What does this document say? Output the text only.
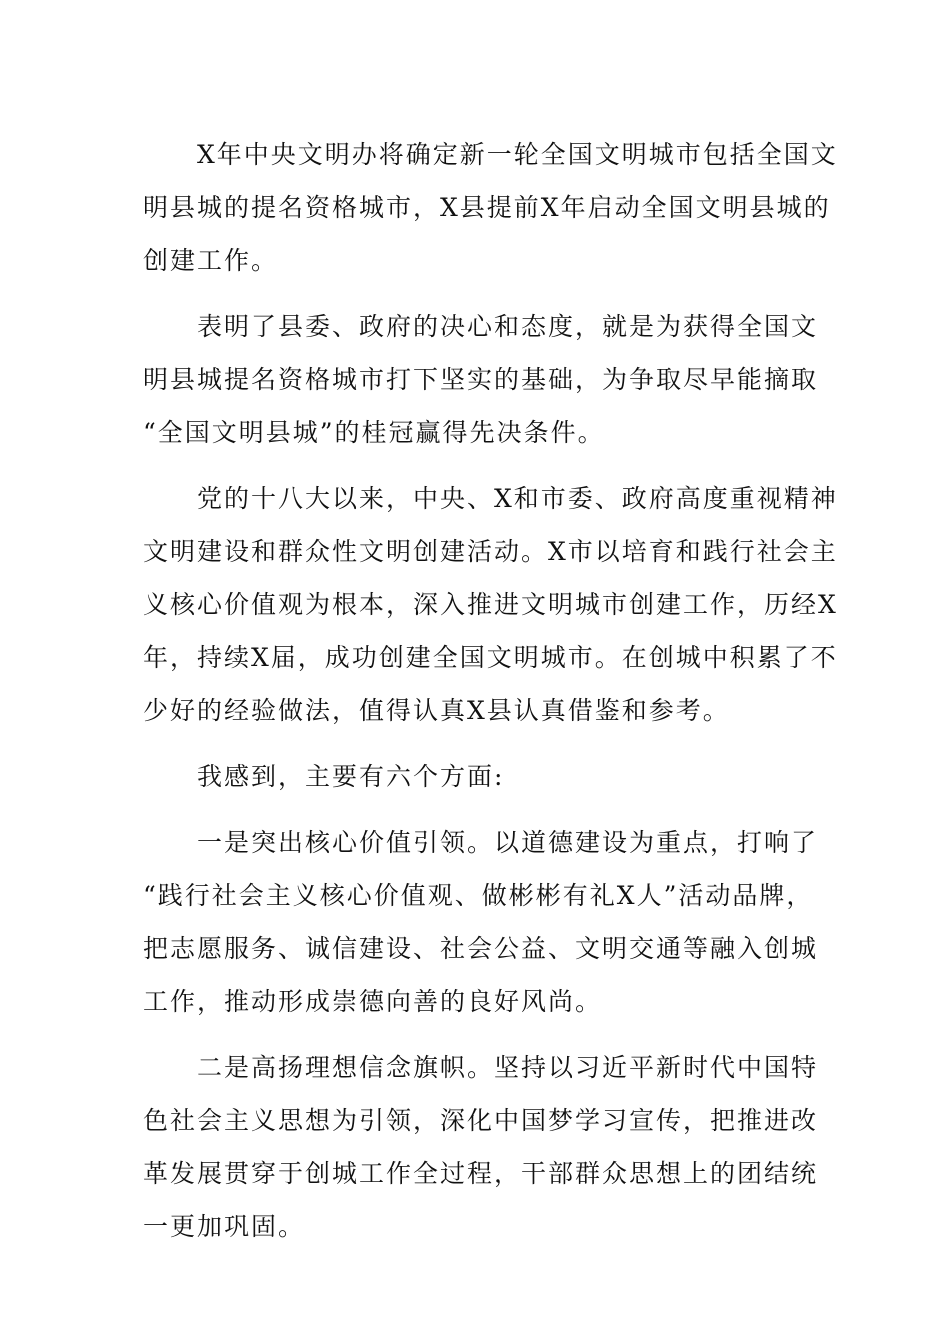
X年中央文明办将确定新一轮全国文明城市包括全国文
明县城的提名资格城市，X县提前X年启动全国文明县城的
创建工作。
表明了县委、政府的决心和态度，就是为获得全国文
明县城提名资格城市打下坚实的基础，为争取尽早能摘取
“全国文明县城”的桂冠赢得先决条件。
党的十八大以来，中央、X和市委、政府高度重视精神
文明建设和群众性文明创建活动。X市以培育和践行社会主
义核心价值观为根本，深入推进文明城市创建工作，历经X
年，持续X届，成功创建全国文明城市。在创城中积累了不
少好的经验做法，值得认真X县认真借鉴和参考。
我感到，主要有六个方面:
一是突出核心价值引领。以道德建设为重点，打响了
“践行社会主义核心价值观、做彬彬有礼X人”活动品牌，
把志愿服务、诚信建设、社会公益、文明交通等融入创城
工作，推动形成崇德向善的良好风尚。
二是高扬理想信念旗帜。坚持以习近平新时代中国特
色社会主义思想为引领，深化中国梦学习宣传，把推进改
革发展贯穿于创城工作全过程，干部群众思想上的团结统
一更加巩固。
